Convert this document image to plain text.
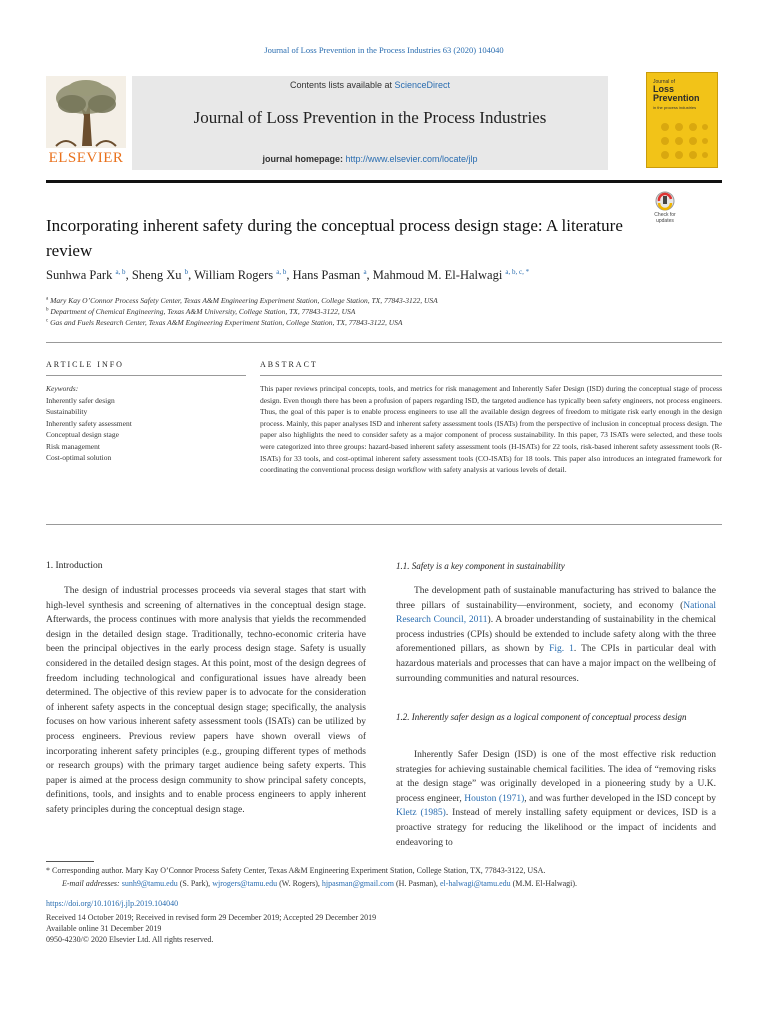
Journal of Loss Prevention in the Process Industries 63 (2020) 104040
ELSEVIER
Contents lists available at ScienceDirect
Journal of Loss Prevention in the Process Industries
journal homepage: http://www.elsevier.com/locate/jlp
Journal of
Loss
Prevention
in the process industries
Incorporating inherent safety during the conceptual process design stage: A literature review
Check for updates
Sunhwa Park $^{a, b}$, Sheng Xu $^b$, William Rogers $^{a, b}$, Hans Pasman $^a$, Mahmoud M. El-Halwagi $^{a, b, c, *}$
$^a$ Mary Kay O’Connor Process Safety Center, Texas A&M Engineering Experiment Station, College Station, TX, 77843-3122, USA
$^b$ Department of Chemical Engineering, Texas A&M University, College Station, TX, 77843-3122, USA
$^c$ Gas and Fuels Research Center, Texas A&M Engineering Experiment Station, College Station, TX, 77843-3122, USA
ARTICLE INFO	ABSTRACT
Keywords:
Inherently safer design
Sustainability
Inherently safety assessment
Conceptual design stage
Risk management
Cost-optimal solution
This paper reviews principal concepts, tools, and metrics for risk management and Inherently Safer Design (ISD) during the conceptual stage of process design. Even though there has been a profusion of papers regarding ISD, the targeted audience has typically been safety engineers, not process engineers. Thus, the goal of this paper is to enable process engineers to use all the available design degrees of freedom to mitigate risk early enough in the design process. Mainly, this paper analyses ISD and inherent safety assessment tools (ISATs) from the perspective of inclusion in conceptual process design. The paper also highlights the need to consider safety as a major component of process sustainability. In this paper, 73 ISATs were selected, and these tools were categorized into three groups: hazard-based inherent safety assessment tools (H-ISATs) for 22 tools, risk-based inherent safety assessment tools (R-ISATs) for 33 tools, and cost-optimal inherent safety assessment tools (CO-ISATs) for 18 tools. This paper also introduces an integrated framework for coordinating the conventional process design workflow with safety analysis at various levels of detail.
1. Introduction

The design of industrial processes proceeds via several stages that start with high-level synthesis and screening of alternatives in the conceptual design stage. Afterwards, the process continues with more analysis that yields the recommended design in the detailed design stage. Traditionally, techno-economic criteria have been the principal objectives in the early process design stage. Safety is usually considered in the detailed design stages. At this point, most of the design degrees of freedom including technological and configurational issues have already been determined. The objective of this review paper is to advocate for the consideration of inherent safety aspects in the conceptual design stage; specifically, the analysis focuses on how various inherent safety assessment tools (ISATs) can be utilized by process engineers. Previous review papers have shown overall views of incorporating inherent safety principles (e.g., grouping different types of methods or research groups) with the primary target audience being safety experts. This paper is aimed at the process design community to show principal safety concepts, definitions, tools, and insights and to enable process engineers to apply inherent safety principles during the conceptual design stage.

1.1. Safety is a key component in sustainability

The development path of sustainable manufacturing has strived to balance the three pillars of sustainability—environment, society, and economy (National Research Council, 2011). A broader understanding of sustainability in the chemical process industries (CPIs) should be extended to include safety along with the three aforementioned pillars, as shown by Fig. 1. The CPIs in particular deal with hazardous materials and processes that can have a major impact on the wellbeing of surrounding communities and natural resources.

1.2. Inherently safer design as a logical component of conceptual process design

Inherently Safer Design (ISD) is one of the most effective risk reduction strategies for achieving sustainable chemical facilities. The idea of “removing risks at the design stage” was originally developed in a pioneering study by a U.K. process engineer, Houston (1971), and was further developed in the ISD concept by Kletz (1985). Instead of merely installing safety equipment or devices, ISD is a proactive strategy for reducing the likelihood or the impact of incidents and endeavoring to

* Corresponding author. Mary Kay O’Connor Process Safety Center, Texas A&M Engineering Experiment Station, College Station, TX, 77843-3122, USA.
E-mail addresses: sunh9@tamu.edu (S. Park), wjrogers@tamu.edu (W. Rogers), hjpasman@gmail.com (H. Pasman), el-halwagi@tamu.edu (M.M. El-Halwagi).
https://doi.org/10.1016/j.jlp.2019.104040
Received 14 October 2019; Received in revised form 29 December 2019; Accepted 29 December 2019
Available online 31 December 2019
0950-4230/© 2020 Elsevier Ltd. All rights reserved.
